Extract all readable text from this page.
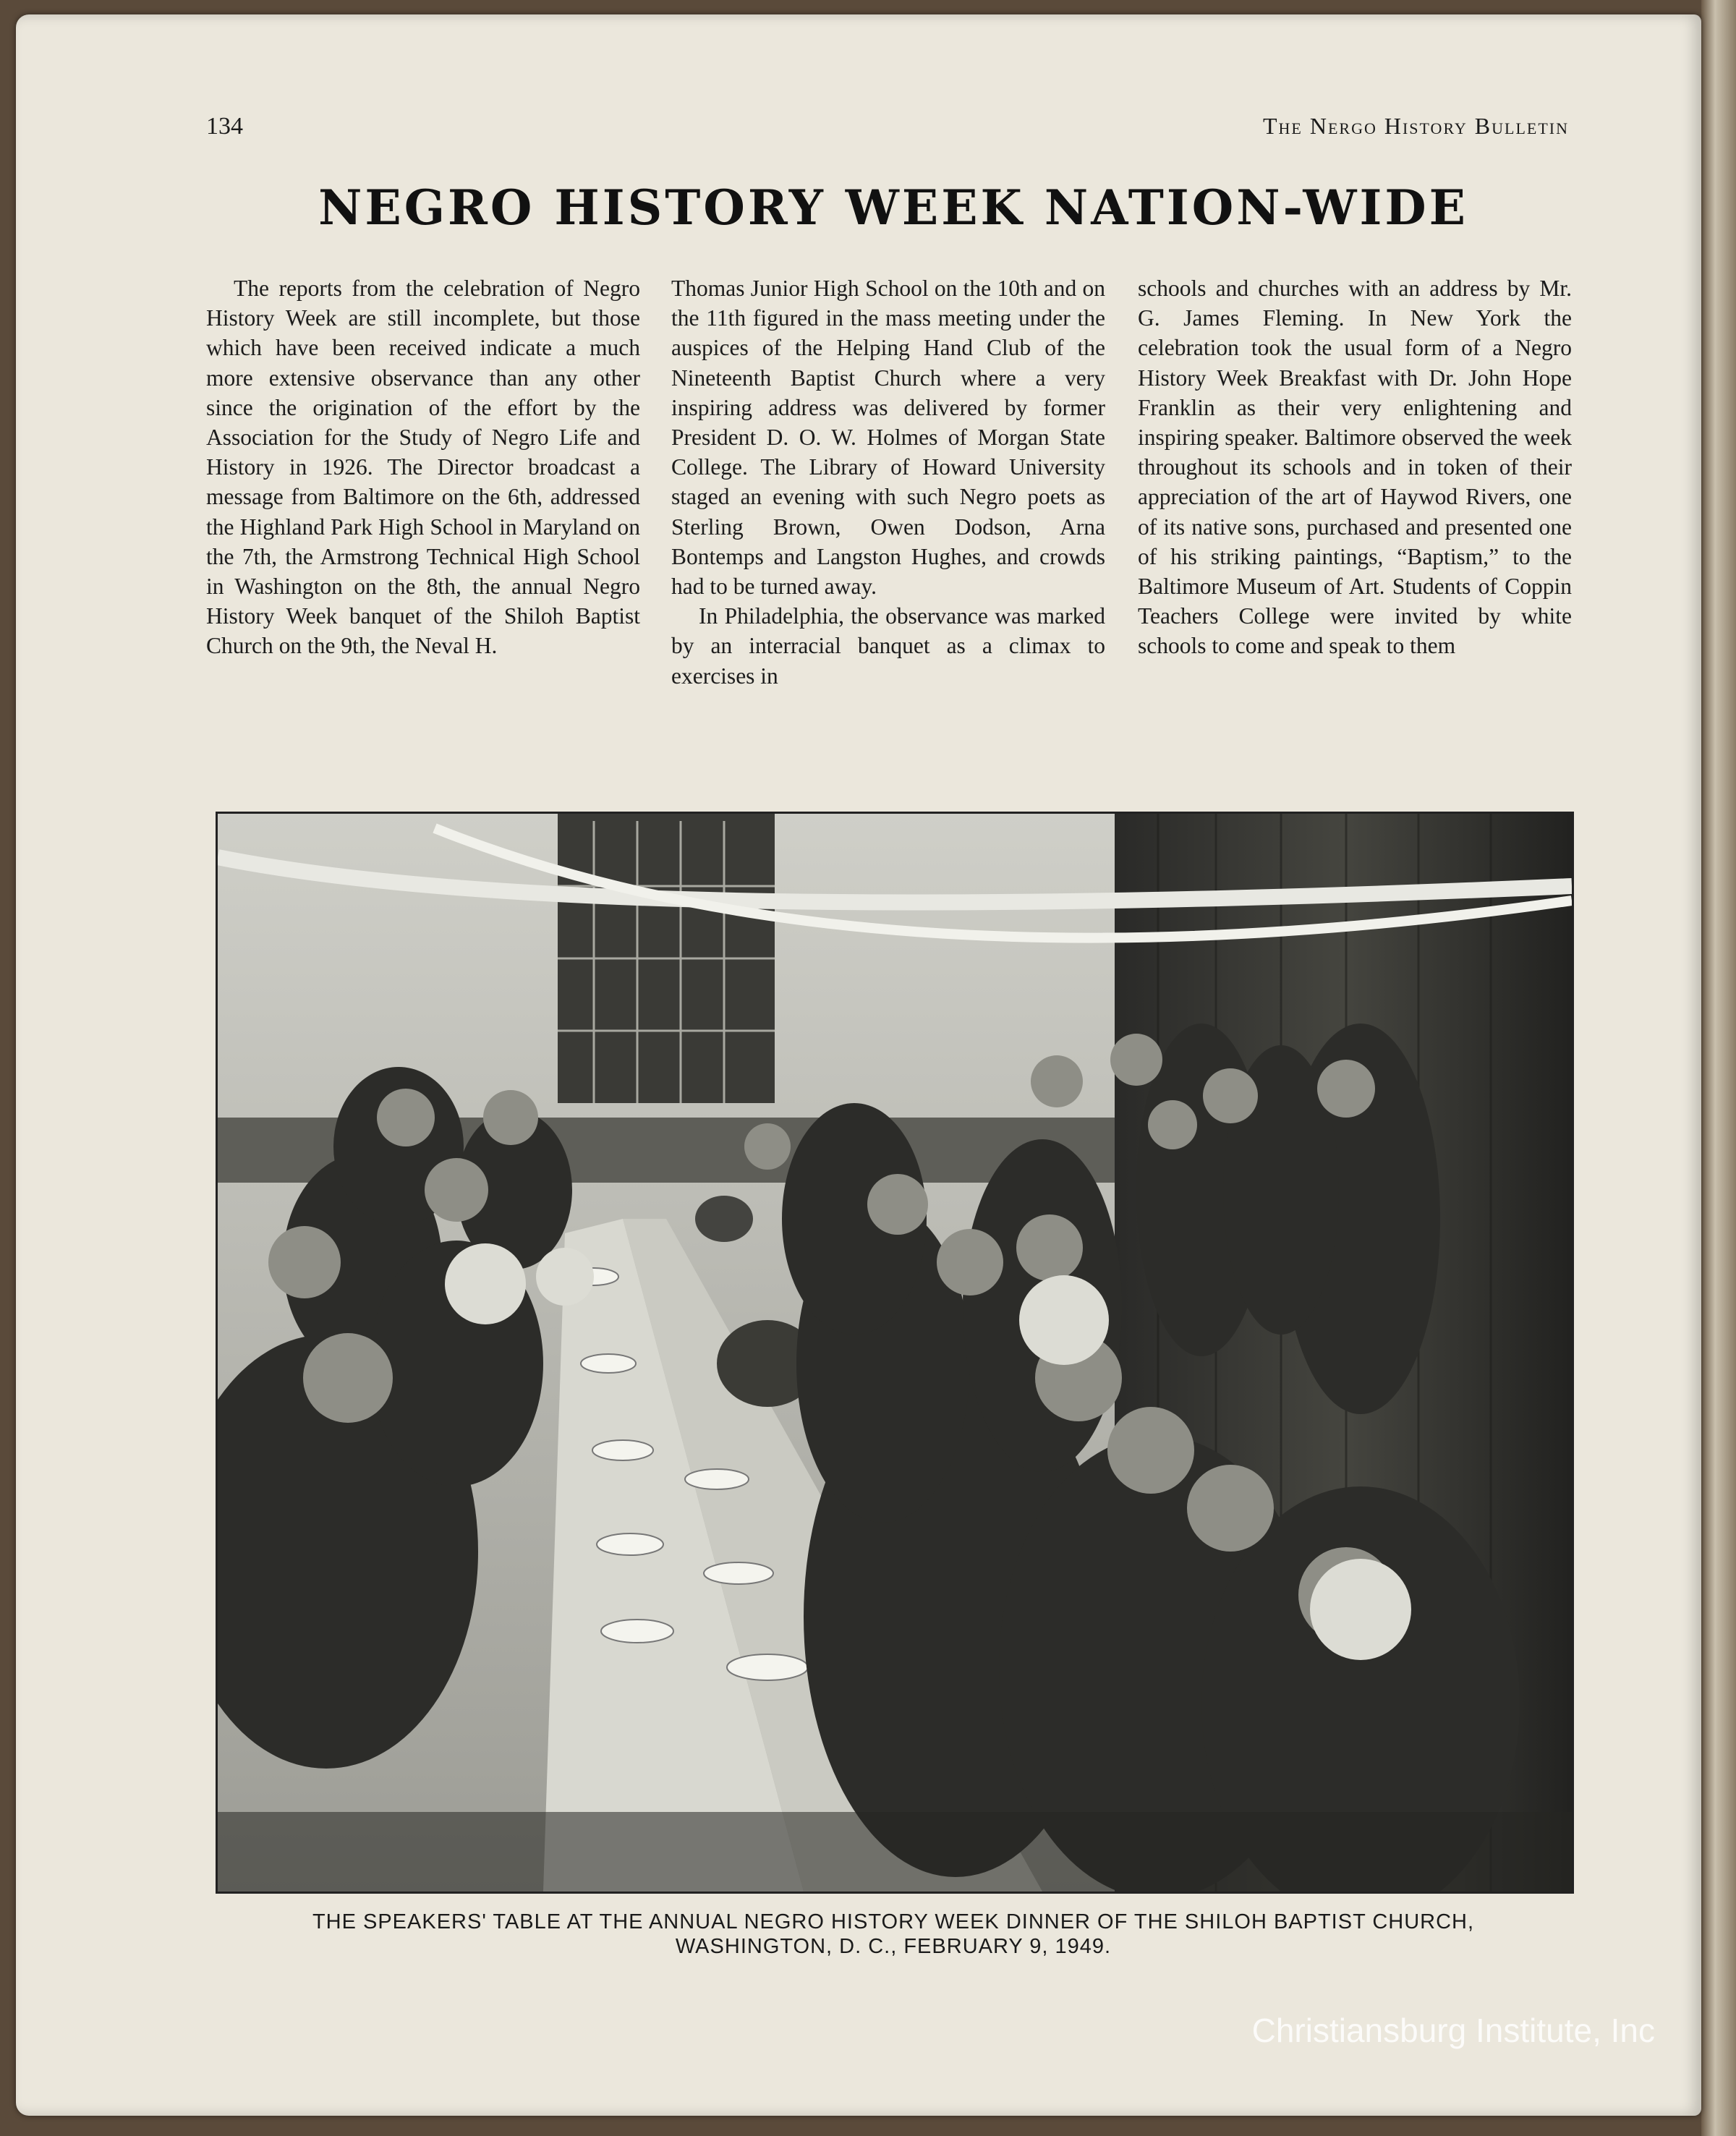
134	The Nergo History Bulletin
NEGRO HISTORY WEEK NATION-WIDE

The reports from the celebration of Negro History Week are still incomplete, but those which have been received indicate a much more extensive observance than any other since the origination of the effort by the Association for the Study of Negro Life and History in 1926. The Director broadcast a message from Baltimore on the 6th, addressed the Highland Park High School in Maryland on the 7th, the Armstrong Technical High School in Washington on the 8th, the annual Negro History Week banquet of the Shiloh Baptist Church on the 9th, the Neval H.

Thomas Junior High School on the 10th and on the 11th figured in the mass meeting under the auspices of the Helping Hand Club of the Nineteenth Baptist Church where a very inspiring address was delivered by former President D. O. W. Holmes of Morgan State College. The Library of Howard University staged an evening with such Negro poets as Sterling Brown, Owen Dodson, Arna Bontemps and Langston Hughes, and crowds had to be turned away.

In Philadelphia, the observance was marked by an interracial banquet as a climax to exercises in

schools and churches with an address by Mr. G. James Fleming. In New York the celebration took the usual form of a Negro History Week Breakfast with Dr. John Hope Franklin as their very enlightening and inspiring speaker. Baltimore observed the week throughout its schools and in token of their appreciation of the art of Haywod Rivers, one of its native sons, purchased and presented one of his striking paintings, “Baptism,” to the Baltimore Museum of Art. Students of Coppin Teachers College were invited by white schools to come and speak to them

THE SPEAKERS' TABLE AT THE ANNUAL NEGRO HISTORY WEEK DINNER OF THE SHILOH BAPTIST CHURCH,
WASHINGTON, D. C., FEBRUARY 9, 1949.
Christiansburg Institute, Inc
